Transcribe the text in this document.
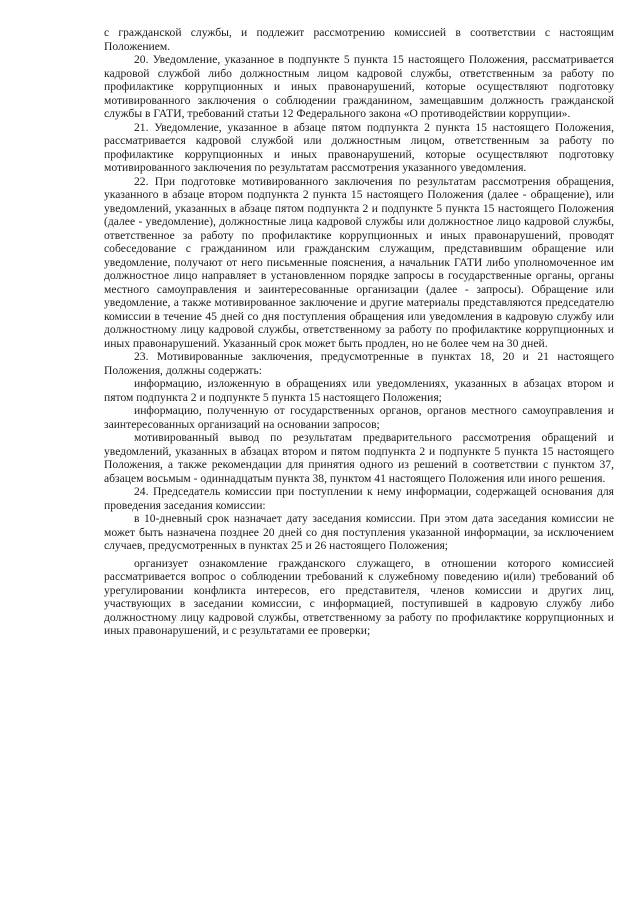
с гражданской службы, и подлежит рассмотрению комиссией в соответствии с настоящим Положением.

20. Уведомление, указанное в подпункте 5 пункта 15 настоящего Положения, рассматривается кадровой службой либо должностным лицом кадровой службы, ответственным за работу по профилактике коррупционных и иных правонарушений, которые осуществляют подготовку мотивированного заключения о соблюдении гражданином, замещавшим должность гражданской службы в ГАТИ, требований статьи 12 Федерального закона «О противодействии коррупции».

21. Уведомление, указанное в абзаце пятом подпункта 2 пункта 15 настоящего Положения, рассматривается кадровой службой или должностным лицом, ответственным за работу по профилактике коррупционных и иных правонарушений, которые осуществляют подготовку мотивированного заключения по результатам рассмотрения указанного уведомления.

22. При подготовке мотивированного заключения по результатам рассмотрения обращения, указанного в абзаце втором подпункта 2 пункта 15 настоящего Положения (далее - обращение), или уведомлений, указанных в абзаце пятом подпункта 2 и подпункте 5 пункта 15 настоящего Положения (далее - уведомление), должностные лица кадровой службы или должностное лицо кадровой службы, ответственное за работу по профилактике коррупционных и иных правонарушений, проводят собеседование с гражданином или гражданским служащим, представившим обращение или уведомление, получают от него письменные пояснения, а начальник ГАТИ либо уполномоченное им должностное лицо направляет в установленном порядке запросы в государственные органы, органы местного самоуправления и заинтересованные организации (далее - запросы). Обращение или уведомление, а также мотивированное заключение и другие материалы представляются председателю комиссии в течение 45 дней со дня поступления обращения или уведомления в кадровую службу или должностному лицу кадровой службы, ответственному за работу по профилактике коррупционных и иных правонарушений. Указанный срок может быть продлен, но не более чем на 30 дней.

23. Мотивированные заключения, предусмотренные в пунктах 18, 20 и 21 настоящего Положения, должны содержать:

информацию, изложенную в обращениях или уведомлениях, указанных в абзацах втором и пятом подпункта 2 и подпункте 5 пункта 15 настоящего Положения;

информацию, полученную от государственных органов, органов местного самоуправления и заинтересованных организаций на основании запросов;

мотивированный вывод по результатам предварительного рассмотрения обращений и уведомлений, указанных в абзацах втором и пятом подпункта 2 и подпункте 5 пункта 15 настоящего Положения, а также рекомендации для принятия одного из решений в соответствии с пунктом 37, абзацем восьмым - одиннадцатым пункта 38, пунктом 41 настоящего Положения или иного решения.

24. Председатель комиссии при поступлении к нему информации, содержащей основания для проведения заседания комиссии:

в 10-дневный срок назначает дату заседания комиссии. При этом дата заседания комиссии не может быть назначена позднее 20 дней со дня поступления указанной информации, за исключением случаев, предусмотренных в пунктах 25 и 26 настоящего Положения;

организует ознакомление гражданского служащего, в отношении которого комиссией рассматривается вопрос о соблюдении требований к служебному поведению и(или) требований об урегулировании конфликта интересов, его представителя, членов комиссии и других лиц, участвующих в заседании комиссии, с информацией, поступившей в кадровую службу либо должностному лицу кадровой службы, ответственному за работу по профилактике коррупционных и иных правонарушений, и с результатами ее проверки;
